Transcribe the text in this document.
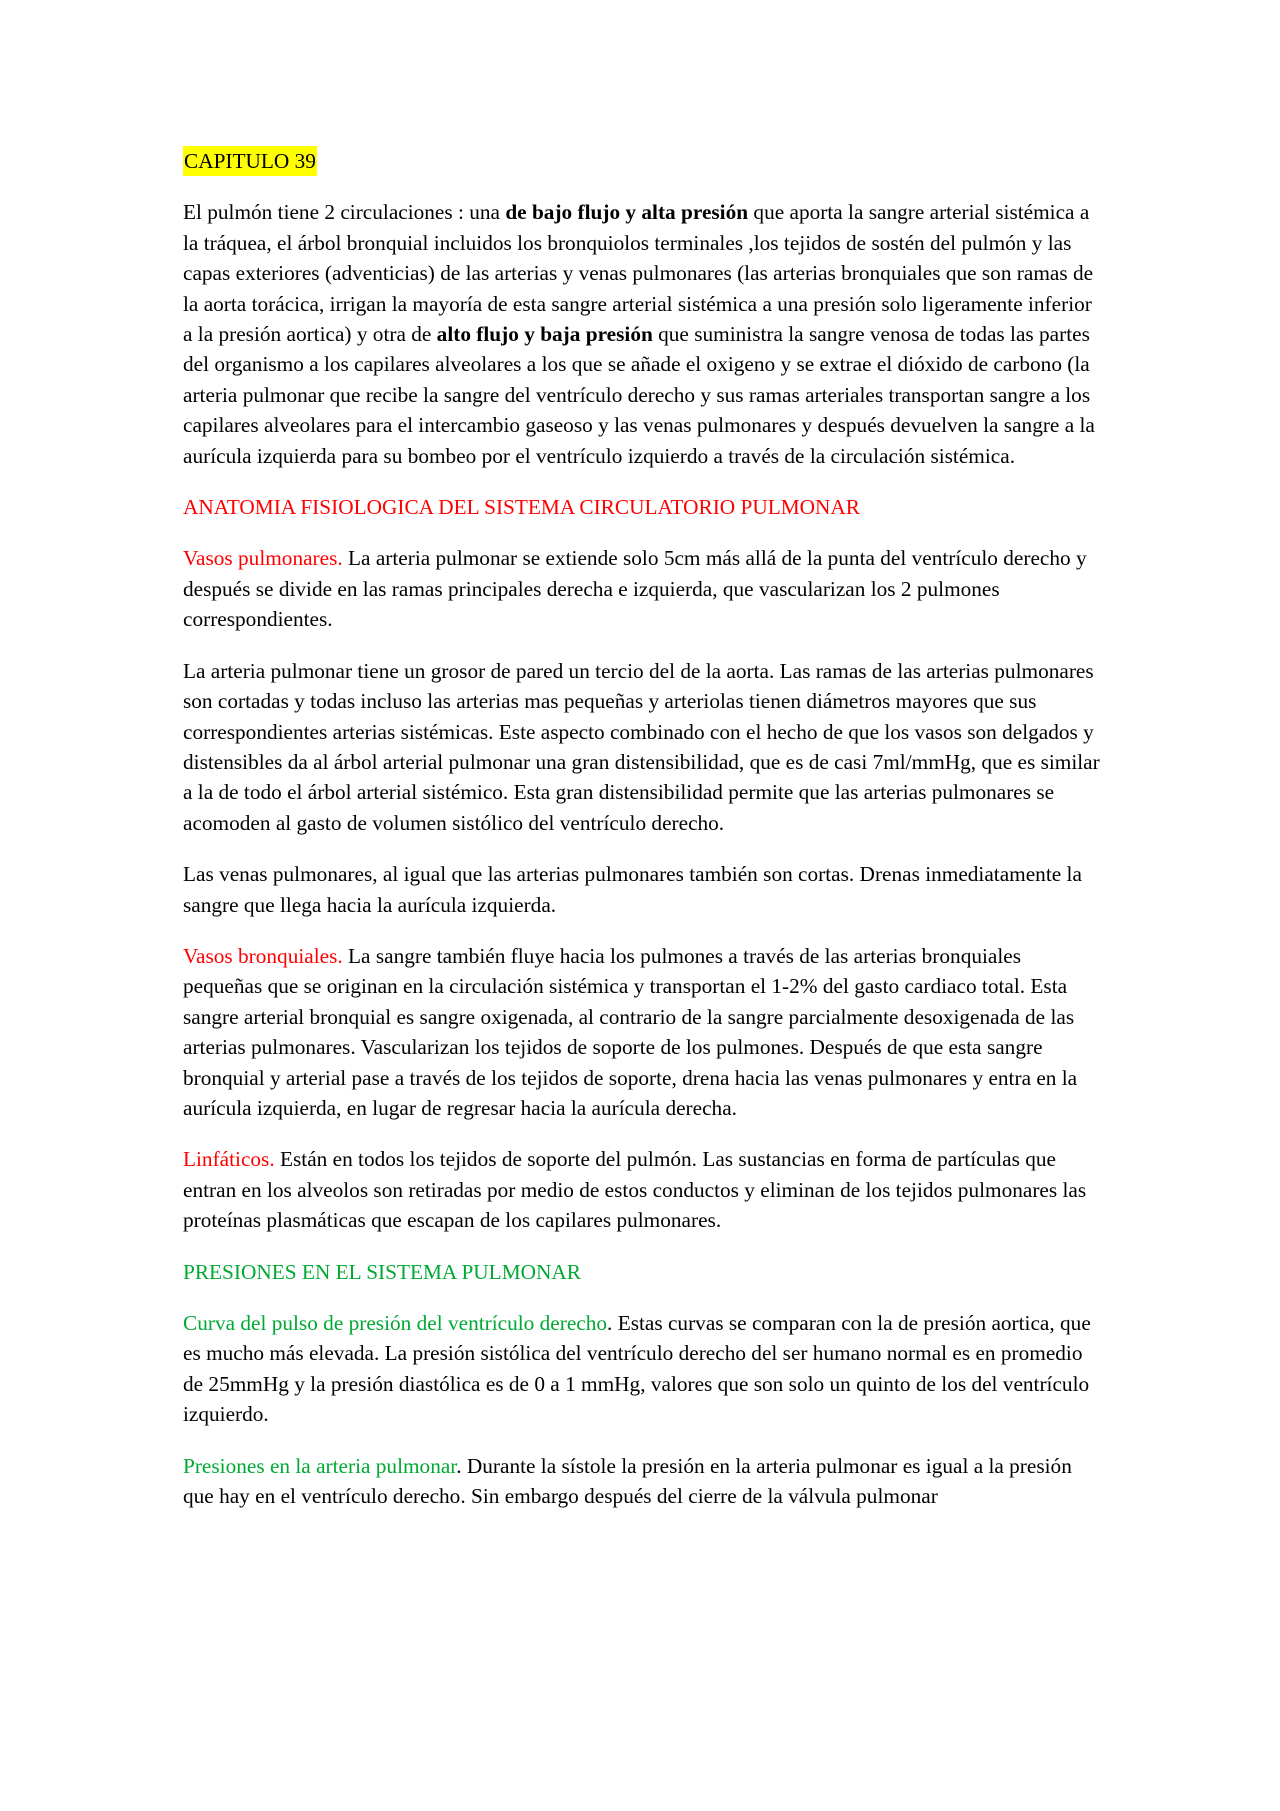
CAPITULO 39

El pulmón tiene 2 circulaciones : una de bajo flujo y alta presión que aporta la sangre arterial sistémica a la tráquea, el árbol bronquial incluidos los bronquiolos terminales ,los tejidos de sostén del pulmón y las capas exteriores (adventicias) de las arterias y venas pulmonares (las arterias bronquiales que son ramas de la aorta torácica, irrigan la mayoría de esta sangre arterial sistémica a una presión solo ligeramente inferior a la presión aortica) y otra de alto flujo y baja presión que suministra la sangre venosa de todas las partes del organismo a los capilares alveolares a los que se añade el oxigeno y se extrae el dióxido de carbono (la arteria pulmonar que recibe la sangre del ventrículo derecho y sus ramas arteriales transportan sangre a los capilares alveolares para el intercambio gaseoso y las venas pulmonares y después devuelven la sangre a la aurícula izquierda para su bombeo por el ventrículo izquierdo a través de la circulación sistémica.

ANATOMIA FISIOLOGICA DEL SISTEMA CIRCULATORIO PULMONAR

Vasos pulmonares. La arteria pulmonar se extiende solo 5cm más allá de la punta del ventrículo derecho y después se divide en las ramas principales derecha e izquierda, que vascularizan los 2 pulmones correspondientes.

La arteria pulmonar tiene un grosor de pared un tercio del de la aorta. Las ramas de las arterias pulmonares son cortadas y todas incluso las arterias mas pequeñas y arteriolas tienen diámetros mayores que sus correspondientes arterias sistémicas. Este aspecto combinado con el hecho de que los vasos son delgados y distensibles da al árbol arterial pulmonar una gran distensibilidad, que es de casi 7ml/mmHg, que es similar a la de todo el árbol arterial sistémico. Esta gran distensibilidad permite que las arterias pulmonares se acomoden al gasto de volumen sistólico del ventrículo derecho.

Las venas pulmonares, al igual que las arterias pulmonares también son cortas. Drenas inmediatamente la sangre que llega hacia la aurícula izquierda.

Vasos bronquiales. La sangre también fluye hacia los pulmones a través de las arterias bronquiales pequeñas que se originan en la circulación sistémica y transportan el 1-2% del gasto cardiaco total. Esta sangre arterial bronquial es sangre oxigenada, al contrario de la sangre parcialmente desoxigenada de las arterias pulmonares. Vascularizan los tejidos de soporte de los pulmones. Después de que esta sangre bronquial y arterial pase a través de los tejidos de soporte, drena hacia las venas pulmonares y entra en la aurícula izquierda, en lugar de regresar hacia la aurícula derecha.

Linfáticos. Están en todos los tejidos de soporte del pulmón. Las sustancias en forma de partículas que entran en los alveolos son retiradas por medio de estos conductos y eliminan de los tejidos pulmonares las proteínas plasmáticas que escapan de los capilares pulmonares.

PRESIONES EN EL SISTEMA PULMONAR

Curva del pulso de presión del ventrículo derecho. Estas curvas se comparan con la de presión aortica, que es mucho más elevada. La presión sistólica del ventrículo derecho del ser humano normal es en promedio de 25mmHg y la presión diastólica es de 0 a 1 mmHg, valores que son solo un quinto de los del ventrículo izquierdo.

Presiones en la arteria pulmonar. Durante la sístole la presión en la arteria pulmonar es igual a la presión que hay en el ventrículo derecho. Sin embargo después del cierre de la válvula pulmonar
